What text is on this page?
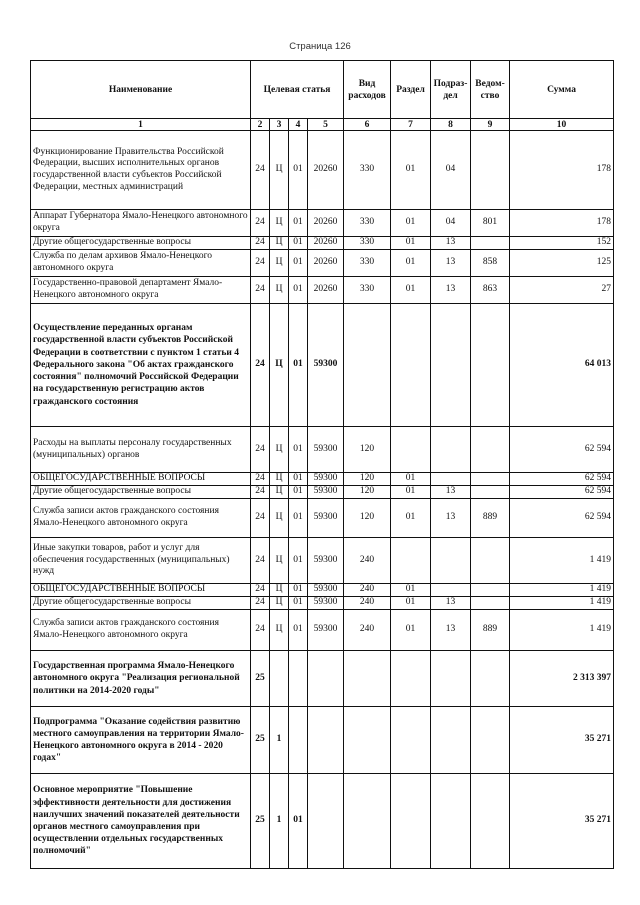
Страница 126
Наименование	Целевая статья				Вид расходов	Раздел	Подраз-дел	Ведом-ство	Сумма
1	2	3	4	5	6	7	8	9	10
Функционирование Правительства Российской Федерации, высших исполнительных органов государственной власти субъектов Российской Федерации, местных администраций	24	Ц	01	20260	330	01	04		178
Аппарат Губернатора Ямало-Ненецкого автономного округа	24	Ц	01	20260	330	01	04	801	178
Другие общегосударственные вопросы	24	Ц	01	20260	330	01	13		152
Служба по делам архивов Ямало-Ненецкого автономного округа	24	Ц	01	20260	330	01	13	858	125
Государственно-правовой департамент Ямало-Ненецкого автономного округа	24	Ц	01	20260	330	01	13	863	27
Осуществление переданных органам государственной власти субъектов Российской Федерации в соответствии с пунктом 1 статьи 4 Федерального закона "Об актах гражданского состояния" полномочий Российской Федерации на государственную регистрацию актов гражданского состояния	24	Ц	01	59300					64 013
Расходы на выплаты персоналу государственных (муниципальных) органов	24	Ц	01	59300	120				62 594
ОБЩЕГОСУДАРСТВЕННЫЕ ВОПРОСЫ	24	Ц	01	59300	120	01			62 594
Другие общегосударственные вопросы	24	Ц	01	59300	120	01	13		62 594
Служба записи актов гражданского состояния Ямало-Ненецкого автономного округа	24	Ц	01	59300	120	01	13	889	62 594
Иные закупки товаров, работ и услуг для обеспечения государственных (муниципальных) нужд	24	Ц	01	59300	240				1 419
ОБЩЕГОСУДАРСТВЕННЫЕ ВОПРОСЫ	24	Ц	01	59300	240	01			1 419
Другие общегосударственные вопросы	24	Ц	01	59300	240	01	13		1 419
Служба записи актов гражданского состояния Ямало-Ненецкого автономного округа	24	Ц	01	59300	240	01	13	889	1 419
Государственная программа Ямало-Ненецкого автономного округа "Реализация региональной политики на 2014-2020 годы"	25								2 313 397
Подпрограмма "Оказание содействия развитию местного самоуправления на территории Ямало-Ненецкого автономного округа в 2014 - 2020 годах"	25	1							35 271
Основное мероприятие "Повышение эффективности деятельности для достижения наилучших значений показателей деятельности органов местного самоуправления при осуществлении отдельных государственных полномочий"	25	1	01						35 271
